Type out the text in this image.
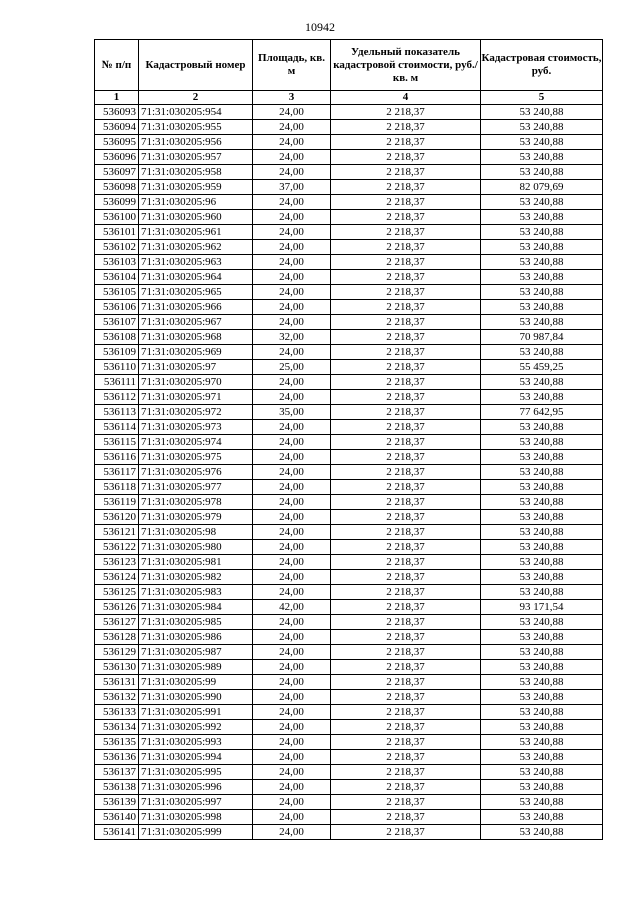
10942
№ п/п	Кадастровый номер	Площадь, кв. м	Удельный показатель кадастровой стоимости, руб./кв. м	Кадастровая стоимость, руб.
1	2	3	4	5
536093	71:31:030205:954	24,00	2 218,37	53 240,88
536094	71:31:030205:955	24,00	2 218,37	53 240,88
536095	71:31:030205:956	24,00	2 218,37	53 240,88
536096	71:31:030205:957	24,00	2 218,37	53 240,88
536097	71:31:030205:958	24,00	2 218,37	53 240,88
536098	71:31:030205:959	37,00	2 218,37	82 079,69
536099	71:31:030205:96	24,00	2 218,37	53 240,88
536100	71:31:030205:960	24,00	2 218,37	53 240,88
536101	71:31:030205:961	24,00	2 218,37	53 240,88
536102	71:31:030205:962	24,00	2 218,37	53 240,88
536103	71:31:030205:963	24,00	2 218,37	53 240,88
536104	71:31:030205:964	24,00	2 218,37	53 240,88
536105	71:31:030205:965	24,00	2 218,37	53 240,88
536106	71:31:030205:966	24,00	2 218,37	53 240,88
536107	71:31:030205:967	24,00	2 218,37	53 240,88
536108	71:31:030205:968	32,00	2 218,37	70 987,84
536109	71:31:030205:969	24,00	2 218,37	53 240,88
536110	71:31:030205:97	25,00	2 218,37	55 459,25
536111	71:31:030205:970	24,00	2 218,37	53 240,88
536112	71:31:030205:971	24,00	2 218,37	53 240,88
536113	71:31:030205:972	35,00	2 218,37	77 642,95
536114	71:31:030205:973	24,00	2 218,37	53 240,88
536115	71:31:030205:974	24,00	2 218,37	53 240,88
536116	71:31:030205:975	24,00	2 218,37	53 240,88
536117	71:31:030205:976	24,00	2 218,37	53 240,88
536118	71:31:030205:977	24,00	2 218,37	53 240,88
536119	71:31:030205:978	24,00	2 218,37	53 240,88
536120	71:31:030205:979	24,00	2 218,37	53 240,88
536121	71:31:030205:98	24,00	2 218,37	53 240,88
536122	71:31:030205:980	24,00	2 218,37	53 240,88
536123	71:31:030205:981	24,00	2 218,37	53 240,88
536124	71:31:030205:982	24,00	2 218,37	53 240,88
536125	71:31:030205:983	24,00	2 218,37	53 240,88
536126	71:31:030205:984	42,00	2 218,37	93 171,54
536127	71:31:030205:985	24,00	2 218,37	53 240,88
536128	71:31:030205:986	24,00	2 218,37	53 240,88
536129	71:31:030205:987	24,00	2 218,37	53 240,88
536130	71:31:030205:989	24,00	2 218,37	53 240,88
536131	71:31:030205:99	24,00	2 218,37	53 240,88
536132	71:31:030205:990	24,00	2 218,37	53 240,88
536133	71:31:030205:991	24,00	2 218,37	53 240,88
536134	71:31:030205:992	24,00	2 218,37	53 240,88
536135	71:31:030205:993	24,00	2 218,37	53 240,88
536136	71:31:030205:994	24,00	2 218,37	53 240,88
536137	71:31:030205:995	24,00	2 218,37	53 240,88
536138	71:31:030205:996	24,00	2 218,37	53 240,88
536139	71:31:030205:997	24,00	2 218,37	53 240,88
536140	71:31:030205:998	24,00	2 218,37	53 240,88
536141	71:31:030205:999	24,00	2 218,37	53 240,88
